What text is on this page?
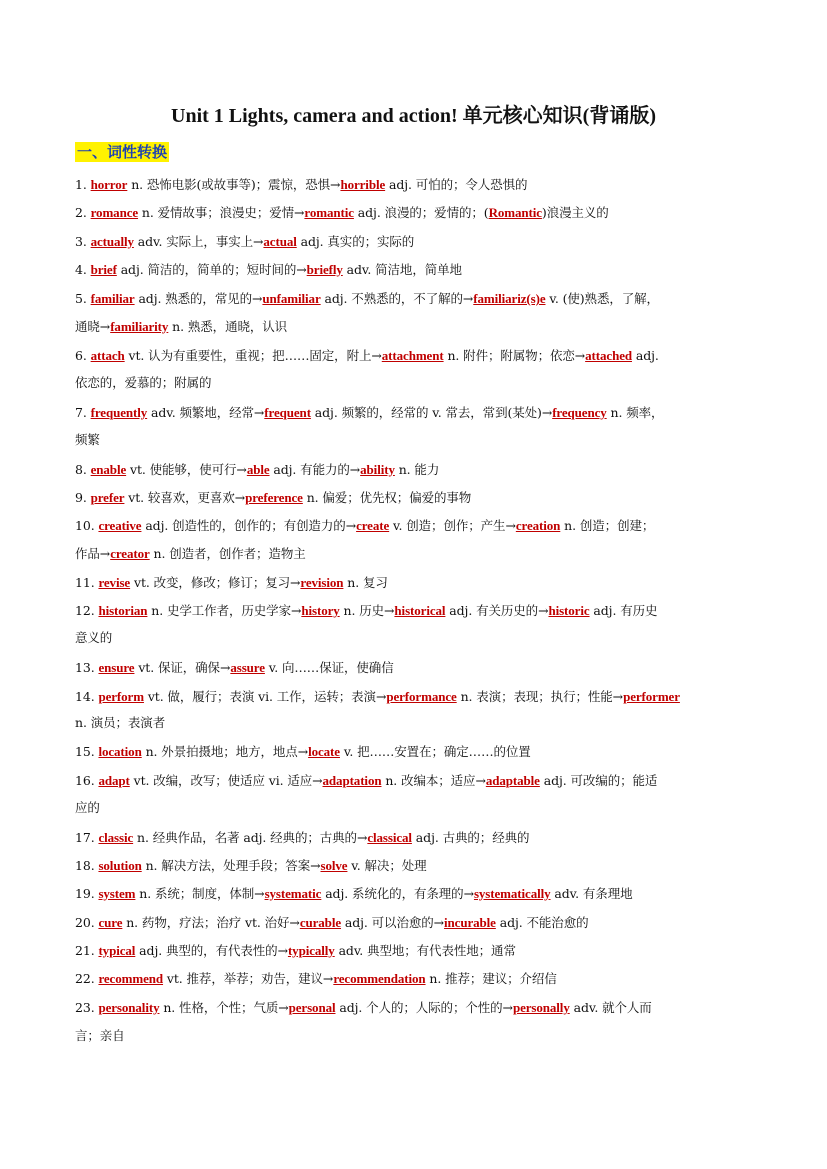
Unit 1 Lights, camera and action! 单元核心知识(背诵版)
一、词性转换
1. horror n. 恐怖电影(或故事等)；震惊，恐惧→horrible adj. 可怕的；令人恐惧的
2. romance n. 爱情故事；浪漫史；爱情→romantic adj. 浪漫的；爱情的；(Romantic)浪漫主义的
3. actually adv. 实际上，事实上→actual adj. 真实的；实际的
4. brief adj. 简洁的，简单的；短时间的→briefly adv. 简洁地，简单地
5. familiar adj. 熟悉的，常见的→unfamiliar adj. 不熟悉的，不了解的→familiariz(s)e v. (使)熟悉，了解，
通晓→familiarity n. 熟悉，通晓，认识
6. attach vt. 认为有重要性，重视；把……固定，附上→attachment n. 附件；附属物；依恋→attached adj.
依恋的，爱慕的；附属的
7. frequently adv. 频繁地，经常→frequent adj. 频繁的，经常的 v. 常去，常到(某处)→frequency n. 频率，
频繁
8. enable vt. 使能够，使可行→able adj. 有能力的→ability n. 能力
9. prefer vt. 较喜欢，更喜欢→preference n. 偏爱；优先权；偏爱的事物
10. creative adj. 创造性的，创作的；有创造力的→create v. 创造；创作；产生→creation n. 创造；创建；
作品→creator n. 创造者，创作者；造物主
11. revise vt. 改变，修改；修订；复习→revision n. 复习
12. historian n. 史学工作者，历史学家→history n. 历史→historical adj. 有关历史的→historic adj. 有历史
意义的
13. ensure vt. 保证，确保→assure v. 向……保证，使确信
14. perform vt. 做，履行；表演 vi. 工作，运转；表演→performance n. 表演；表现；执行；性能→performer
n. 演员；表演者
15. location n. 外景拍摄地；地方，地点→locate v. 把……安置在；确定……的位置
16. adapt vt. 改编，改写；使适应 vi. 适应→adaptation n. 改编本；适应→adaptable adj. 可改编的；能适
应的
17. classic n. 经典作品，名著 adj. 经典的；古典的→classical adj. 古典的；经典的
18. solution n. 解决方法，处理手段；答案→solve v. 解决；处理
19. system n. 系统；制度，体制→systematic adj. 系统化的，有条理的→systematically adv. 有条理地
20. cure n. 药物，疗法；治疗 vt. 治好→curable adj. 可以治愈的→incurable adj. 不能治愈的
21. typical adj. 典型的，有代表性的→typically adv. 典型地；有代表性地；通常
22. recommend vt. 推荐，举荐；劝告，建议→recommendation n. 推荐；建议；介绍信
23. personality n. 性格，个性；气质→personal adj. 个人的；人际的；个性的→personally adv. 就个人而
言；亲自
